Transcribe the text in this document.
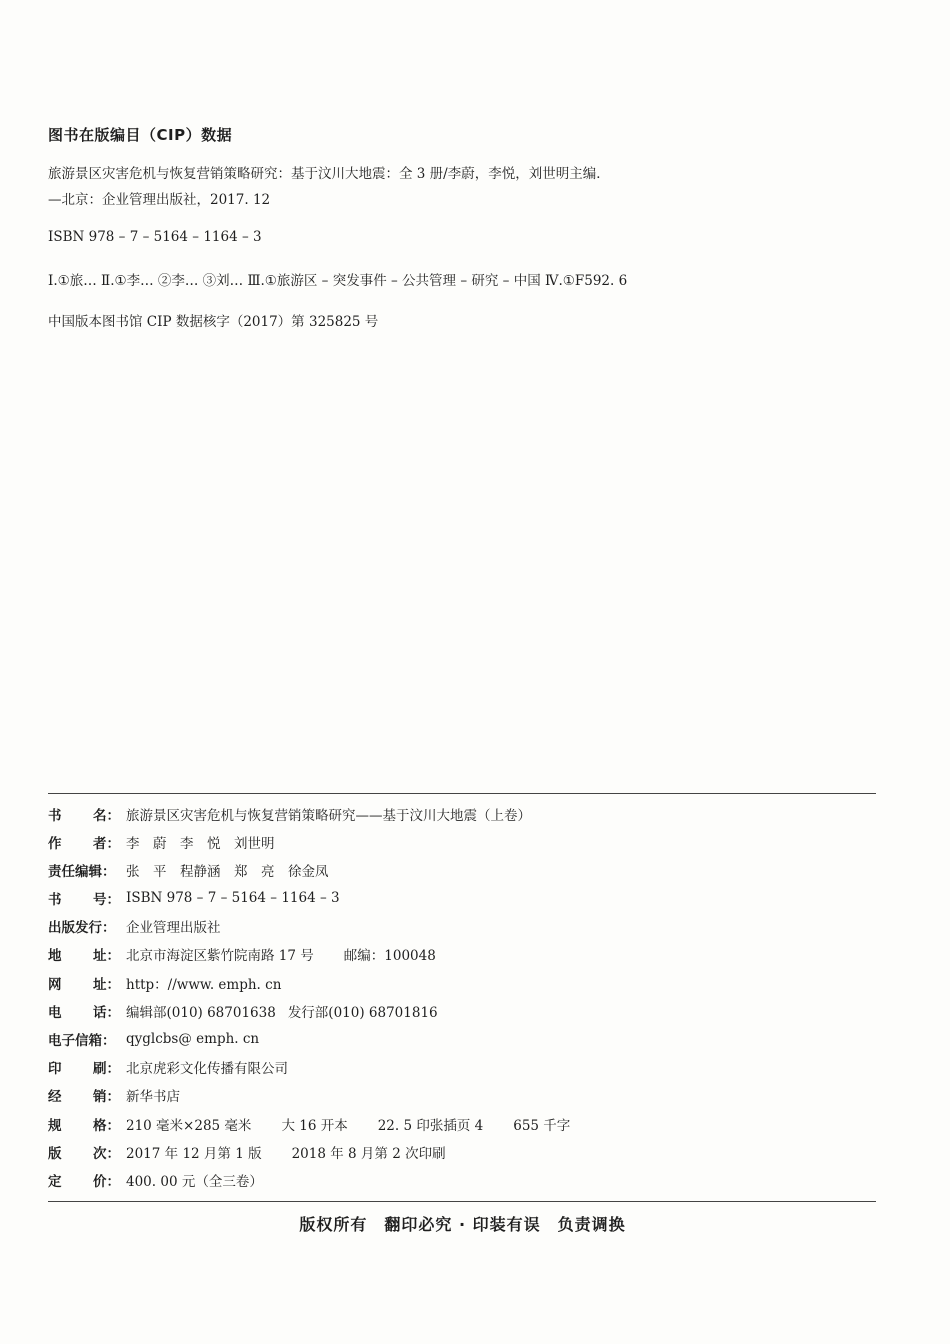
图书在版编目（CIP）数据
旅游景区灾害危机与恢复营销策略研究：基于汶川大地震：全 3 册/李蔚，李悦，刘世明主编．
—北京：企业管理出版社，2017. 12
ISBN 978 – 7 – 5164 – 1164 – 3
Ⅰ.①旅… Ⅱ.①李… ②李… ③刘… Ⅲ.①旅游区 – 突发事件 – 公共管理 – 研究 – 中国 Ⅳ.①F592. 6
中国版本图书馆 CIP 数据核字（2017）第 325825 号
书 名： 旅游景区灾害危机与恢复营销策略研究——基于汶川大地震（上卷）
作 者： 李　蔚　李　悦　刘世明
责任编辑： 张　平　程静涵　郑　亮　徐金凤
书 号： ISBN 978 – 7 – 5164 – 1164 – 3
出版发行： 企业管理出版社
地 址： 北京市海淀区紫竹院南路 17 号 邮编：100048
网 址： http：//www. emph. cn
电 话： 编辑部(010) 68701638 发行部(010) 68701816
电子信箱： qyglcbs@ emph. cn
印 刷： 北京虎彩文化传播有限公司
经 销： 新华书店
规 格： 210 毫米×285 毫米 大 16 开本 22. 5 印张插页 4 655 千字
版 次： 2017 年 12 月第 1 版 2018 年 8 月第 2 次印刷
定 价： 400. 00 元（全三卷）
版权所有　翻印必究 · 印装有误　负责调换
